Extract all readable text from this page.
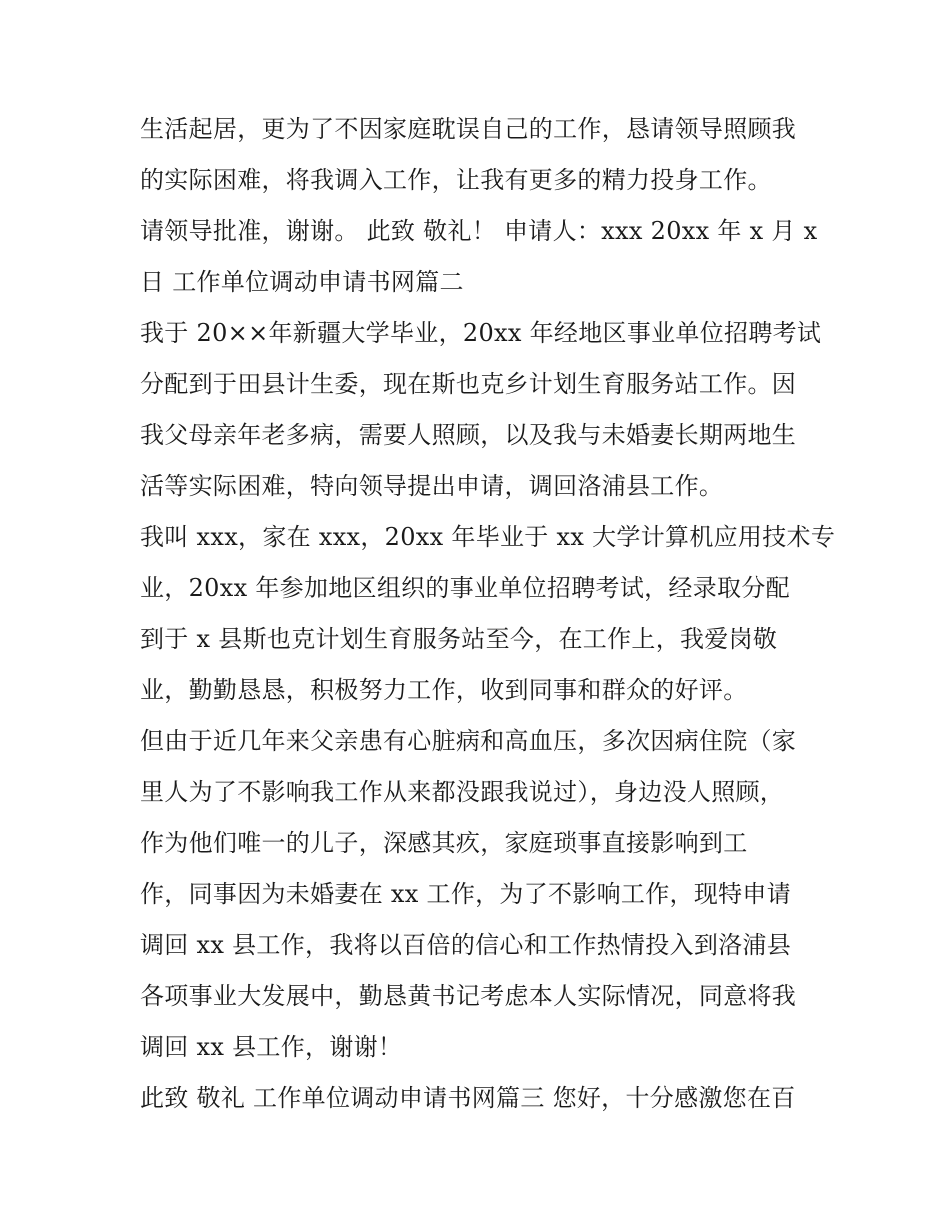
生活起居，更为了不因家庭耽误自己的工作，恳请领导照顾我
的实际困难，将我调入工作，让我有更多的精力投身工作。
请领导批准，谢谢。 此致 敬礼！ 申请人：xxx 20xx 年 x 月 x
日 工作单位调动申请书网篇二
我于 20××年新疆大学毕业，20xx 年经地区事业单位招聘考试
分配到于田县计生委，现在斯也克乡计划生育服务站工作。因
我父母亲年老多病，需要人照顾，以及我与未婚妻长期两地生
活等实际困难，特向领导提出申请，调回洛浦县工作。
我叫 xxx，家在 xxx，20xx 年毕业于 xx 大学计算机应用技术专
业，20xx 年参加地区组织的事业单位招聘考试，经录取分配
到于 x 县斯也克计划生育服务站至今，在工作上，我爱岗敬
业，勤勤恳恳，积极努力工作，收到同事和群众的好评。
但由于近几年来父亲患有心脏病和高血压，多次因病住院（家
里人为了不影响我工作从来都没跟我说过），身边没人照顾，
作为他们唯一的儿子，深感其疚，家庭琐事直接影响到工
作，同事因为未婚妻在 xx 工作，为了不影响工作，现特申请
调回 xx 县工作，我将以百倍的信心和工作热情投入到洛浦县
各项事业大发展中，勤恳黄书记考虑本人实际情况，同意将我
调回 xx 县工作，谢谢！
此致 敬礼 工作单位调动申请书网篇三 您好，十分感激您在百
